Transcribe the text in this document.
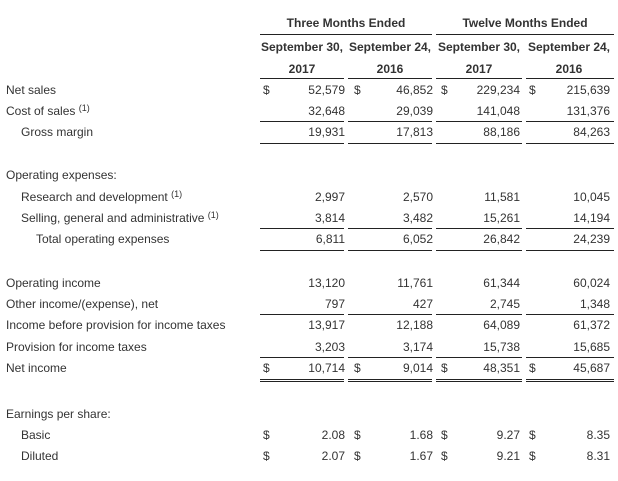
Three Months Ended	Twelve Months Ended
September 30, September 24, September 30, September 24,
2017	2016	2017	2016
Net sales	$	52,579 $	46,852 $	229,234 $	215,639
Cost of sales $^{(1)}$	32,648	29,039	141,048	131,376
Gross margin	19,931	17,813	88,186	84,263
Operating expenses:
Research and development $^{(1)}$	2,997	2,570	11,581	10,045
Selling, general and administrative $^{(1)}$	3,814	3,482	15,261	14,194
Total operating expenses	6,811	6,052	26,842	24,239
Operating income	13,120	11,761	61,344	60,024
Other income/(expense), net	797	427	2,745	1,348
Income before provision for income taxes	13,917	12,188	64,089	61,372
Provision for income taxes	3,203	3,174	15,738	15,685
Net income	$	10,714 $	9,014 $	48,351 $	45,687
Earnings per share:
Basic	$	2.08 $	1.68 $	9.27 $	8.35
Diluted	$	2.07 $	1.67 $	9.21 $	8.31
